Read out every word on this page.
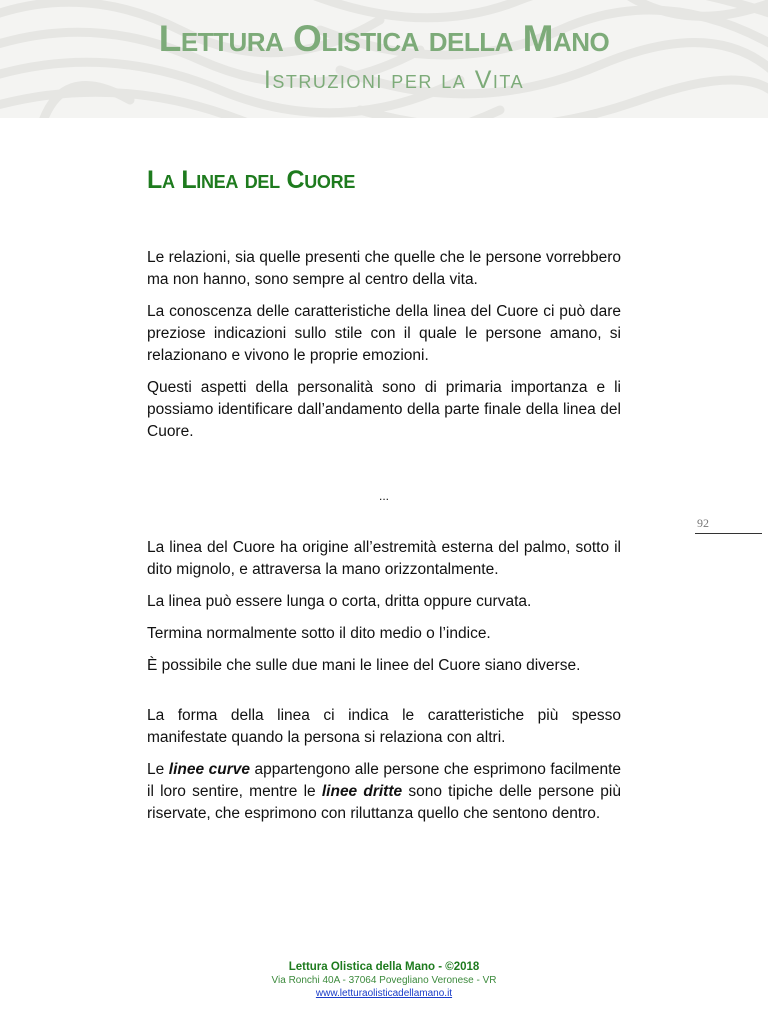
Lettura Olistica della Mano
Istruzioni per la Vita
La Linea del Cuore

Le relazioni, sia quelle presenti che quelle che le persone vorrebbero ma non hanno, sono sempre al centro della vita.

La conoscenza delle caratteristiche della linea del Cuore ci può dare preziose indicazioni sullo stile con il quale le persone amano, si relazionano e vivono le proprie emozioni.

Questi aspetti della personalità sono di primaria importanza e li possiamo identificare dall’andamento della parte finale della linea del Cuore.

...

La linea del Cuore ha origine all’estremità esterna del palmo, sotto il dito mignolo, e attraversa la mano orizzontalmente.

La linea può essere lunga o corta, dritta oppure curvata.

Termina normalmente sotto il dito medio o l’indice.

È possibile che sulle due mani le linee del Cuore siano diverse.

La forma della linea ci indica le caratteristiche più spesso manifestate quando la persona si relaziona con altri.

Le linee curve appartengono alle persone che esprimono facilmente il loro sentire, mentre le linee dritte sono tipiche delle persone più riservate, che esprimono con riluttanza quello che sentono dentro.

92
Lettura Olistica della Mano - ©2018
Via Ronchi 40A - 37064 Povegliano Veronese - VR
www.letturaolisticadellamano.it
